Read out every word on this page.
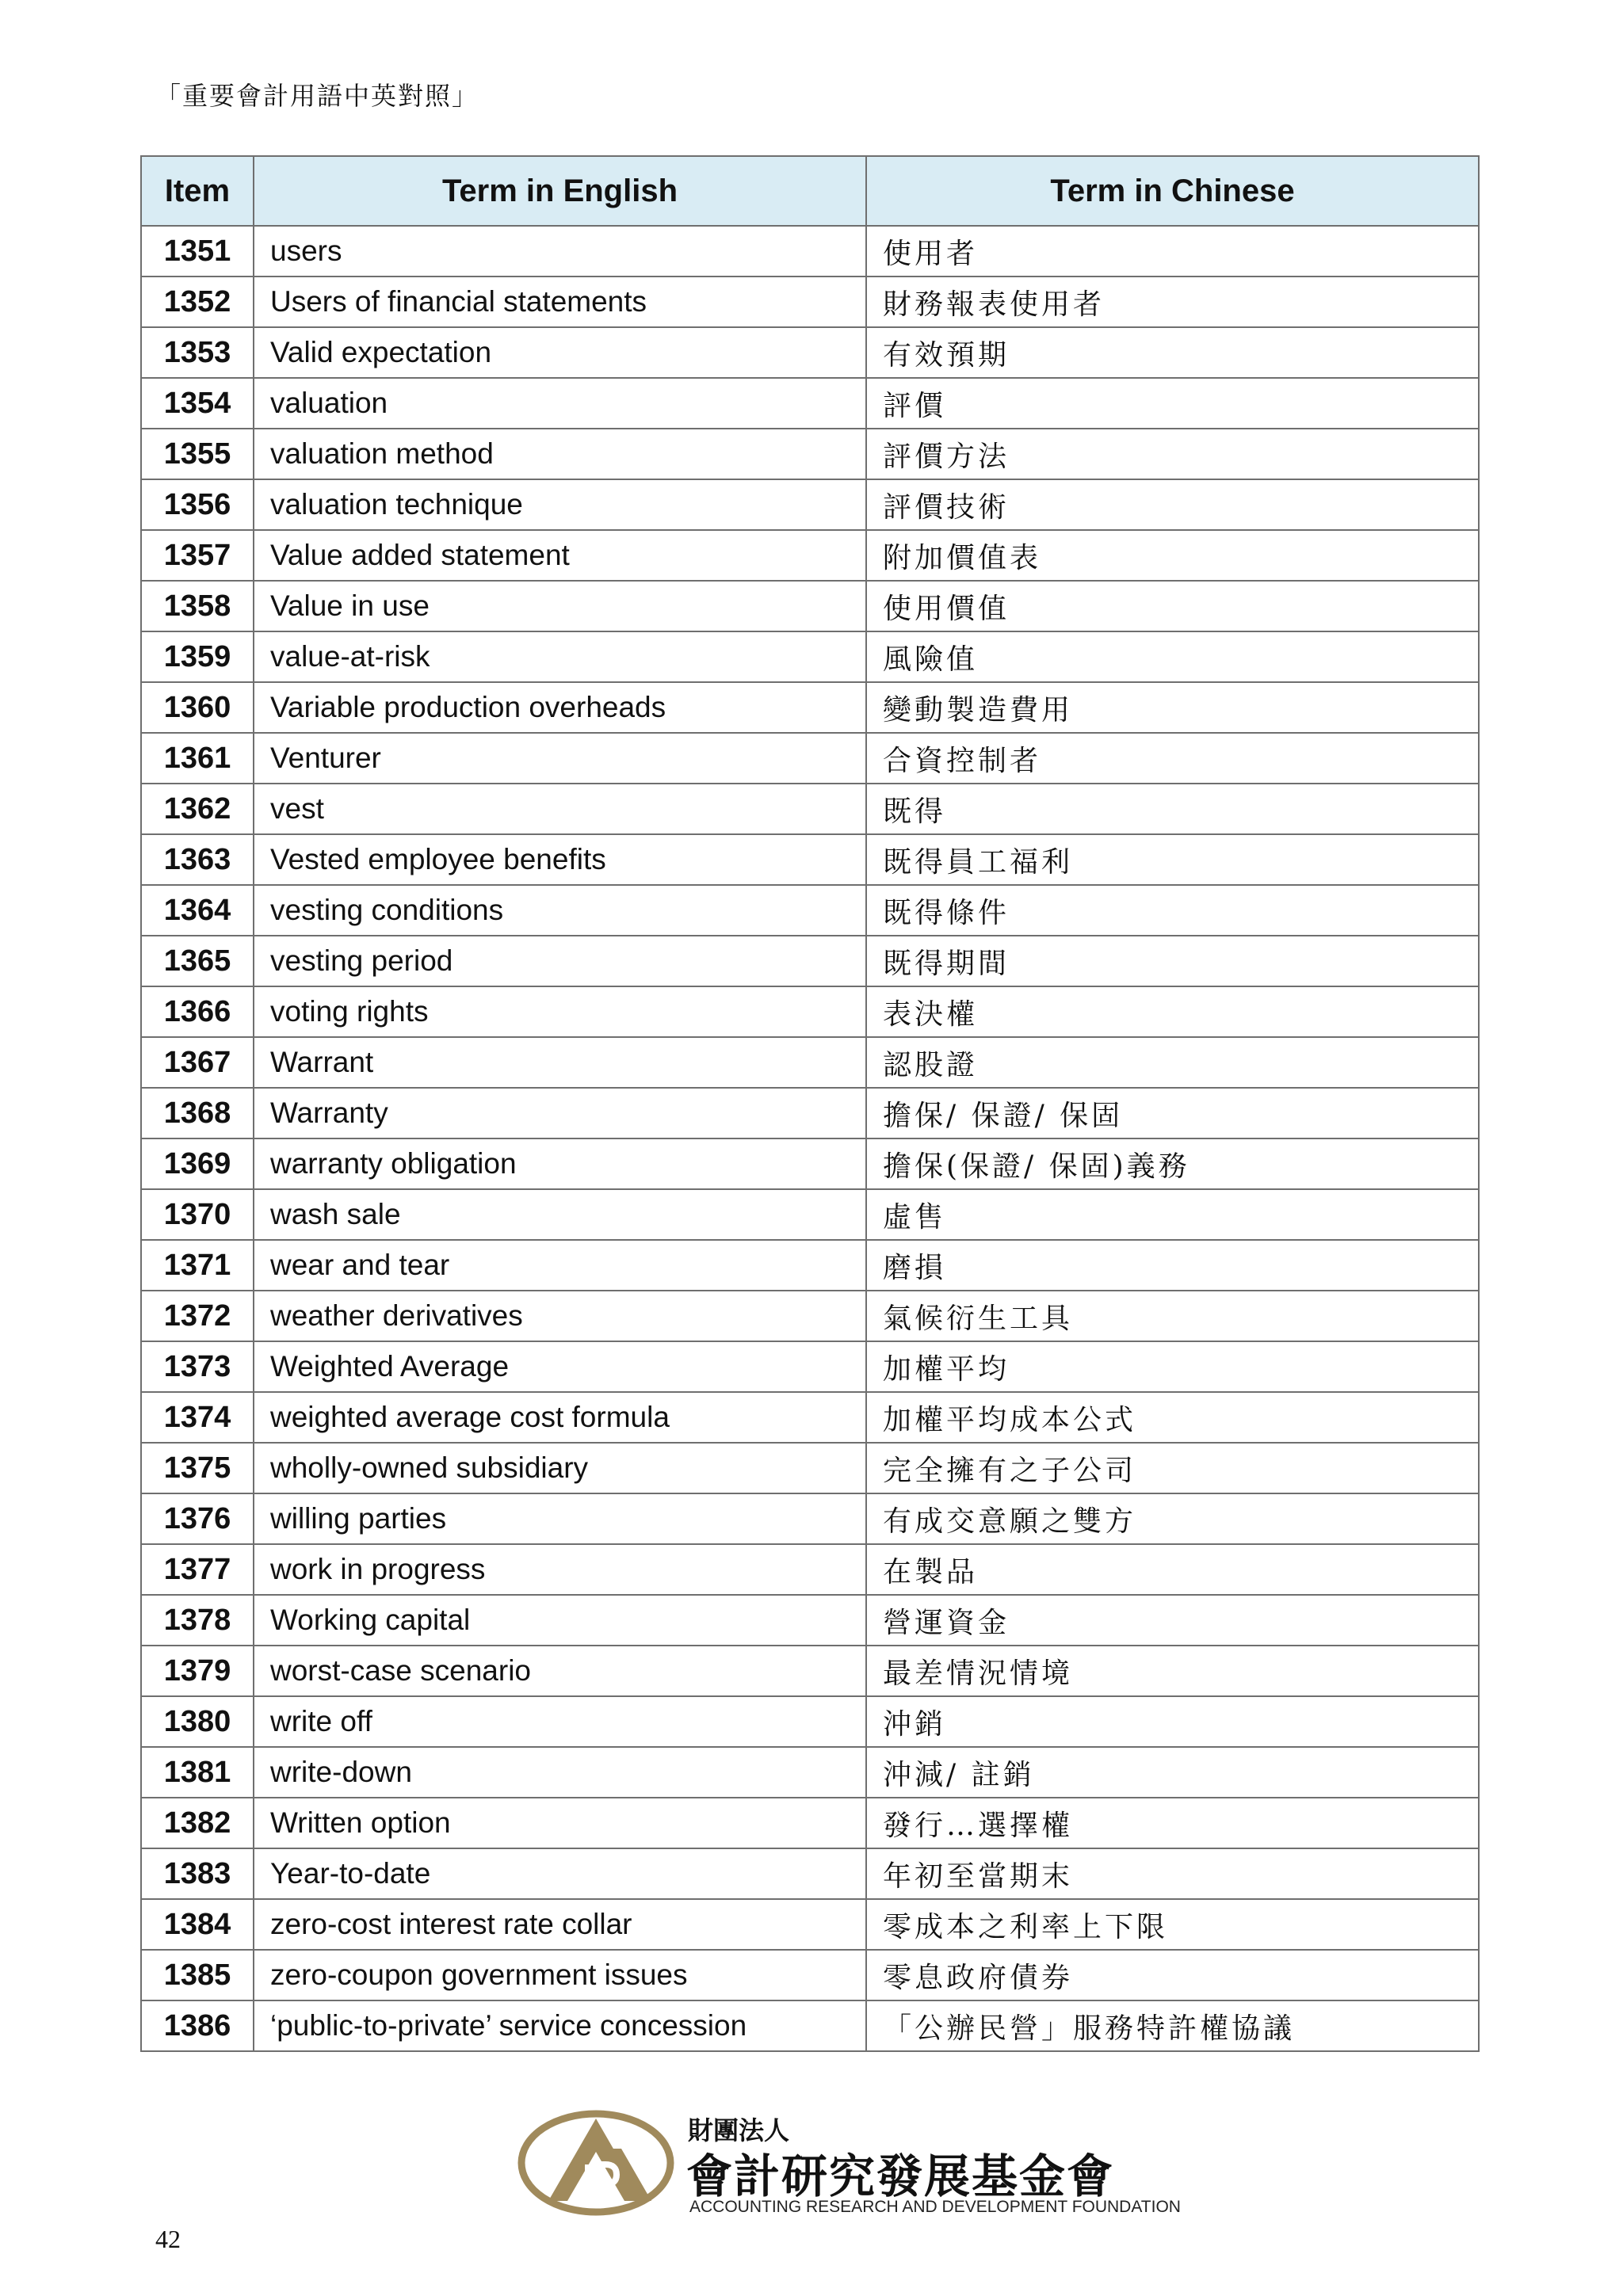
「重要會計用語中英對照」
Item	Term in English	Term in Chinese
1351	users	使用者
1352	Users of financial statements	財務報表使用者
1353	Valid expectation	有效預期
1354	valuation	評價
1355	valuation method	評價方法
1356	valuation technique	評價技術
1357	Value added statement	附加價值表
1358	Value in use	使用價值
1359	value-at-risk	風險值
1360	Variable production overheads	變動製造費用
1361	Venturer	合資控制者
1362	vest	既得
1363	Vested employee benefits	既得員工福利
1364	vesting conditions	既得條件
1365	vesting period	既得期間
1366	voting rights	表決權
1367	Warrant	認股證
1368	Warranty	擔保/ 保證/ 保固
1369	warranty obligation	擔保(保證/ 保固)義務
1370	wash sale	虛售
1371	wear and tear	磨損
1372	weather derivatives	氣候衍生工具
1373	Weighted Average	加權平均
1374	weighted average cost formula	加權平均成本公式
1375	wholly-owned subsidiary	完全擁有之子公司
1376	willing parties	有成交意願之雙方
1377	work in progress	在製品
1378	Working capital	營運資金
1379	worst-case scenario	最差情況情境
1380	write off	沖銷
1381	write-down	沖減/ 註銷
1382	Written option	發行…選擇權
1383	Year-to-date	年初至當期末
1384	zero-cost interest rate collar	零成本之利率上下限
1385	zero-coupon government issues	零息政府債券
1386	‘public-to-private’ service concession	「公辦民營」服務特許權協議
財團法人
會計研究發展基金會
ACCOUNTING RESEARCH AND DEVELOPMENT FOUNDATION
42
